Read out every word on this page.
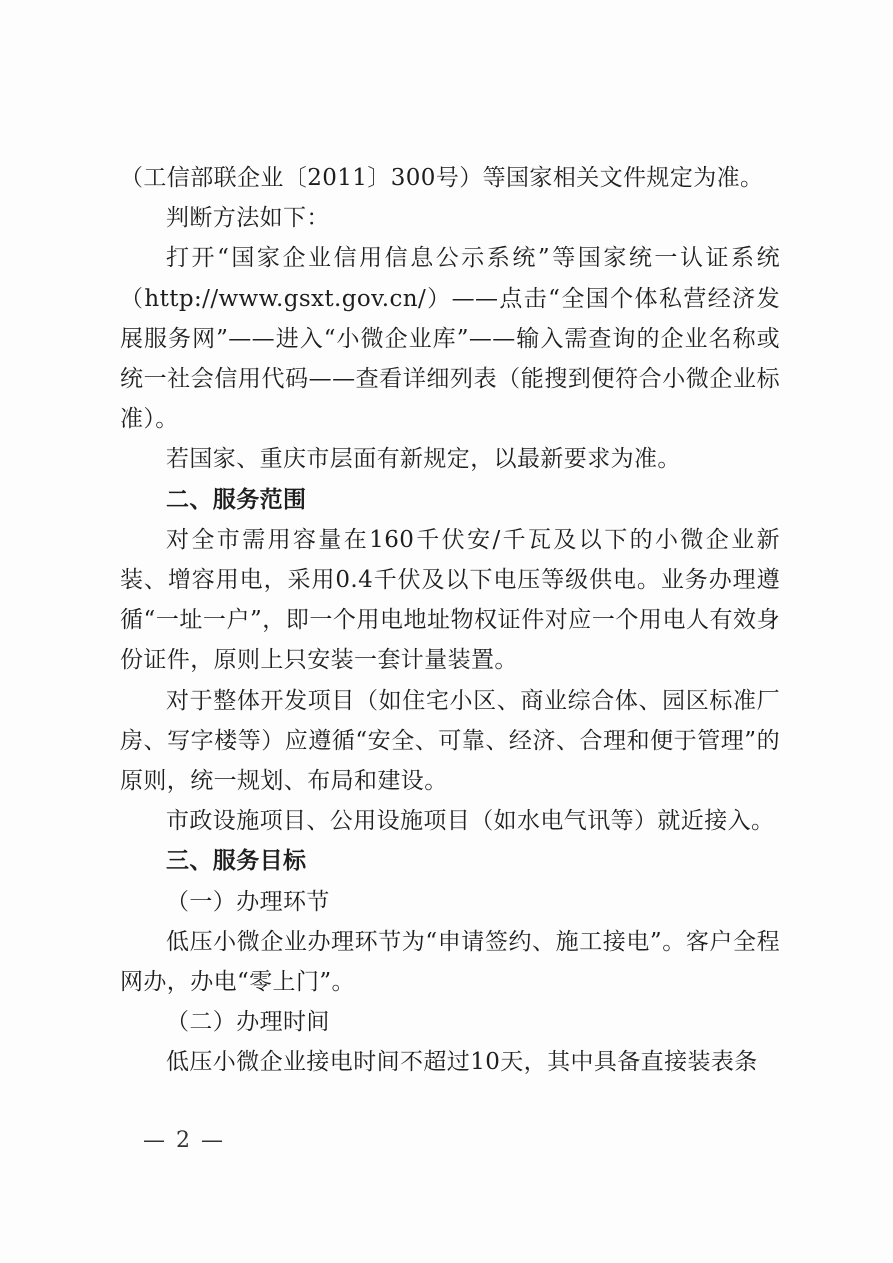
（工信部联企业〔2011〕300号）等国家相关文件规定为准。

判断方法如下：

打开“国家企业信用信息公示系统”等国家统一认证系统（http://www.gsxt.gov.cn/）——点击“全国个体私营经济发展服务网”——进入“小微企业库”——输入需查询的企业名称或统一社会信用代码——查看详细列表（能搜到便符合小微企业标准）。

若国家、重庆市层面有新规定，以最新要求为准。

二、服务范围

对全市需用容量在160千伏安/千瓦及以下的小微企业新装、增容用电，采用0.4千伏及以下电压等级供电。业务办理遵循“一址一户”，即一个用电地址物权证件对应一个用电人有效身份证件，原则上只安装一套计量装置。

对于整体开发项目（如住宅小区、商业综合体、园区标准厂房、写字楼等）应遵循“安全、可靠、经济、合理和便于管理”的原则，统一规划、布局和建设。

市政设施项目、公用设施项目（如水电气讯等）就近接入。

三、服务目标

（一）办理环节

低压小微企业办理环节为“申请签约、施工接电”。客户全程网办，办电“零上门”。

（二）办理时间

低压小微企业接电时间不超过10天，其中具备直接装表条

— 2 —
